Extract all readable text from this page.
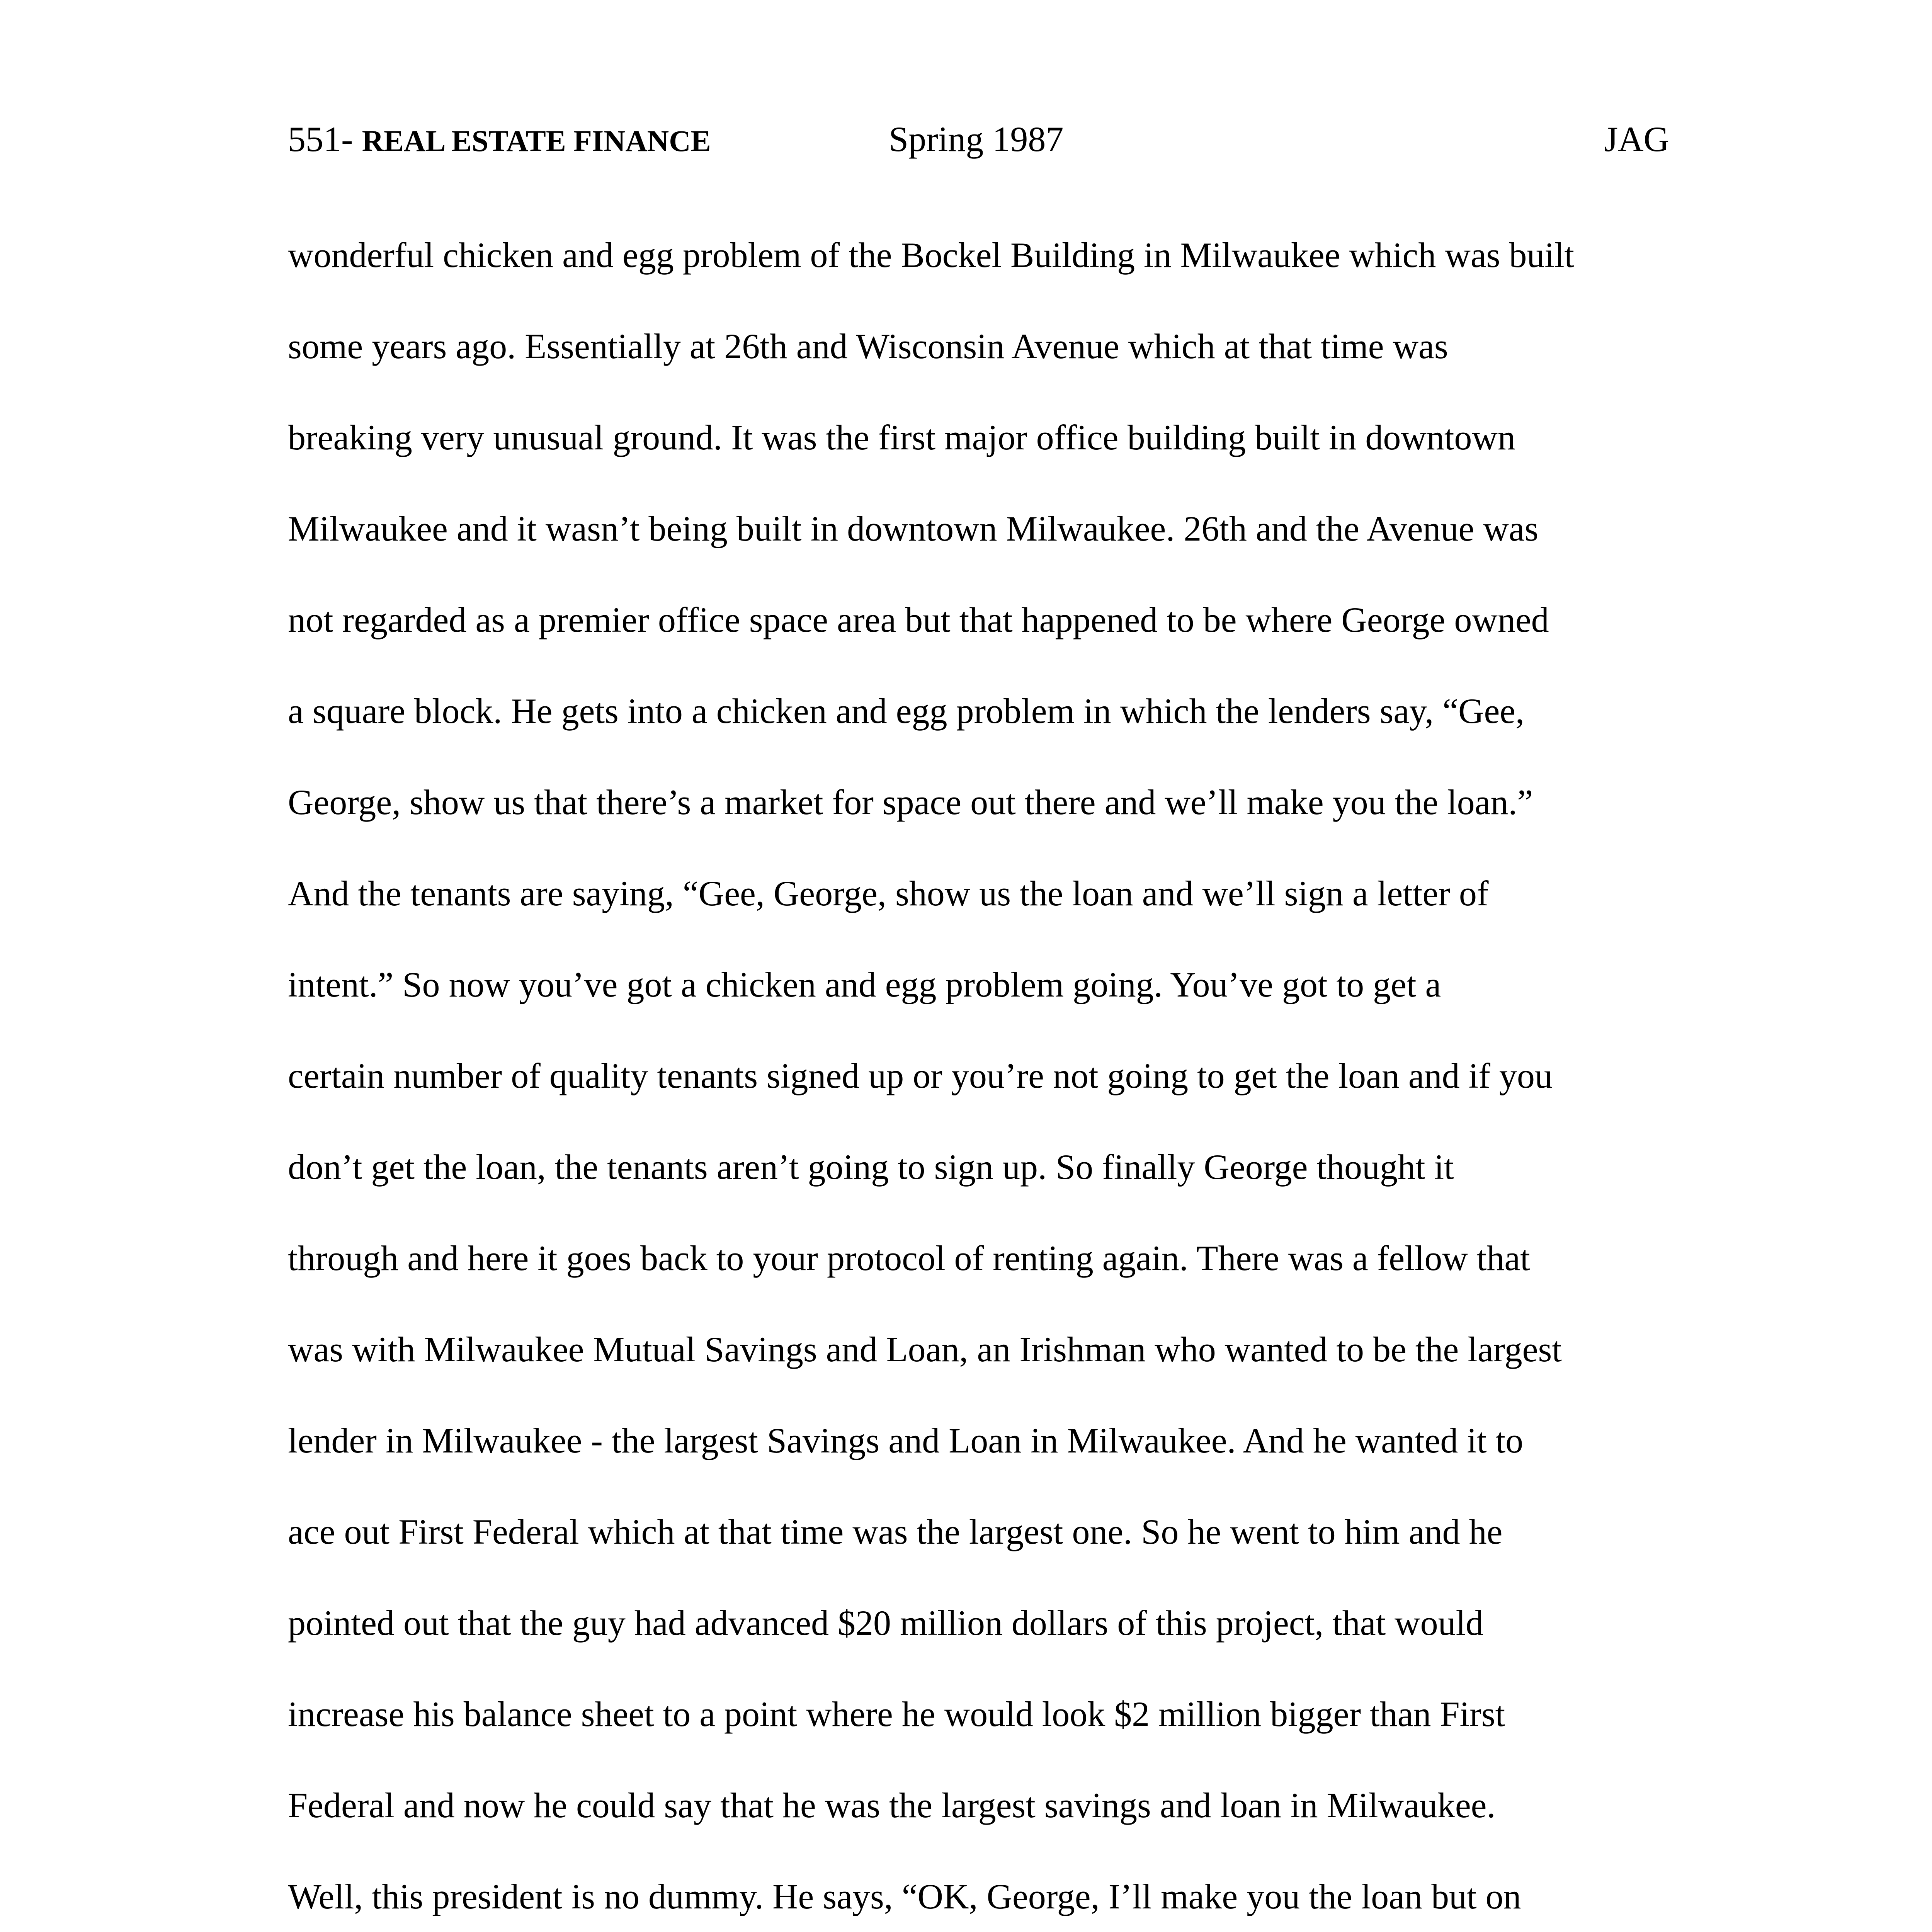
551- REAL ESTATE FINANCE	Spring 1987	JAG
wonderful chicken and egg problem of the Bockel Building in Milwaukee which was built
some years ago. Essentially at 26th and Wisconsin Avenue which at that time was
breaking very unusual ground. It was the first major office building built in downtown
Milwaukee and it wasn’t being built in downtown Milwaukee. 26th and the Avenue was
not regarded as a premier office space area but that happened to be where George owned
a square block. He gets into a chicken and egg problem in which the lenders say, “Gee,
George, show us that there’s a market for space out there and we’ll make you the loan.”
And the tenants are saying, “Gee, George, show us the loan and we’ll sign a letter of
intent.” So now you’ve got a chicken and egg problem going. You’ve got to get a
certain number of quality tenants signed up or you’re not going to get the loan and if you
don’t get the loan, the tenants aren’t going to sign up. So finally George thought it
through and here it goes back to your protocol of renting again. There was a fellow that
was with Milwaukee Mutual Savings and Loan, an Irishman who wanted to be the largest
lender in Milwaukee - the largest Savings and Loan in Milwaukee. And he wanted it to
ace out First Federal which at that time was the largest one. So he went to him and he
pointed out that the guy had advanced $20 million dollars of this project, that would
increase his balance sheet to a point where he would look $2 million bigger than First
Federal and now he could say that he was the largest savings and loan in Milwaukee.
Well, this president is no dummy. He says, “OK, George, I’ll make you the loan but on
